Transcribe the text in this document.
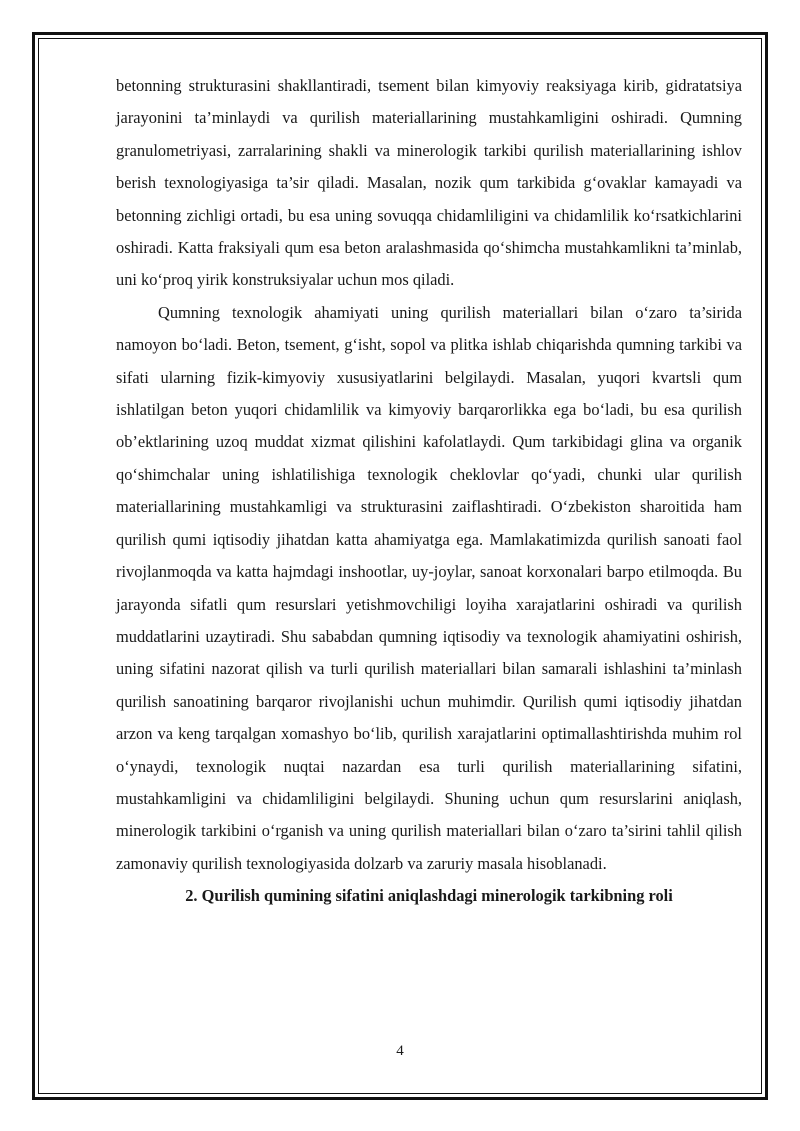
betonning strukturasini shakllantiradi, tsement bilan kimyoviy reaksiyaga kirib, gidratatsiya jarayonini ta’minlaydi va qurilish materiallarining mustahkamligini oshiradi. Qumning granulometriyasi, zarralarining shakli va minerologik tarkibi qurilish materiallarining ishlov berish texnologiyasiga ta’sir qiladi. Masalan, nozik qum tarkibida g‘ovaklar kamayadi va betonning zichligi ortadi, bu esa uning sovuqqa chidamliligini va chidamlilik ko‘rsatkichlarini oshiradi. Katta fraksiyali qum esa beton aralashmasida qo‘shimcha mustahkamlikni ta’minlab, uni ko‘proq yirik konstruksiyalar uchun mos qiladi.

Qumning texnologik ahamiyati uning qurilish materiallari bilan o‘zaro ta’sirida namoyon bo‘ladi. Beton, tsement, g‘isht, sopol va plitka ishlab chiqarishda qumning tarkibi va sifati ularning fizik-kimyoviy xususiyatlarini belgilaydi. Masalan, yuqori kvartsli qum ishlatilgan beton yuqori chidamlilik va kimyoviy barqarorlikka ega bo‘ladi, bu esa qurilish ob’ektlarining uzoq muddat xizmat qilishini kafolatlaydi. Qum tarkibidagi glina va organik qo‘shimchalar uning ishlatilishiga texnologik cheklovlar qo‘yadi, chunki ular qurilish materiallarining mustahkamligi va strukturasini zaiflashtiradi. O‘zbekiston sharoitida ham qurilish qumi iqtisodiy jihatdan katta ahamiyatga ega. Mamlakatimizda qurilish sanoati faol rivojlanmoqda va katta hajmdagi inshootlar, uy-joylar, sanoat korxonalari barpo etilmoqda. Bu jarayonda sifatli qum resurslari yetishmovchiligi loyiha xarajatlarini oshiradi va qurilish muddatlarini uzaytiradi. Shu sababdan qumning iqtisodiy va texnologik ahamiyatini oshirish, uning sifatini nazorat qilish va turli qurilish materiallari bilan samarali ishlashini ta’minlash qurilish sanoatining barqaror rivojlanishi uchun muhimdir. Qurilish qumi iqtisodiy jihatdan arzon va keng tarqalgan xomashyo bo‘lib, qurilish xarajatlarini optimallashtirishda muhim rol o‘ynaydi, texnologik nuqtai nazardan esa turli qurilish materiallarining sifatini, mustahkamligini va chidamliligini belgilaydi. Shuning uchun qum resurslarini aniqlash, minerologik tarkibini o‘rganish va uning qurilish materiallari bilan o‘zaro ta’sirini tahlil qilish zamonaviy qurilish texnologiyasida dolzarb va zaruriy masala hisoblanadi.

2. Qurilish qumining sifatini aniqlashdagi minerologik tarkibning roli

4
